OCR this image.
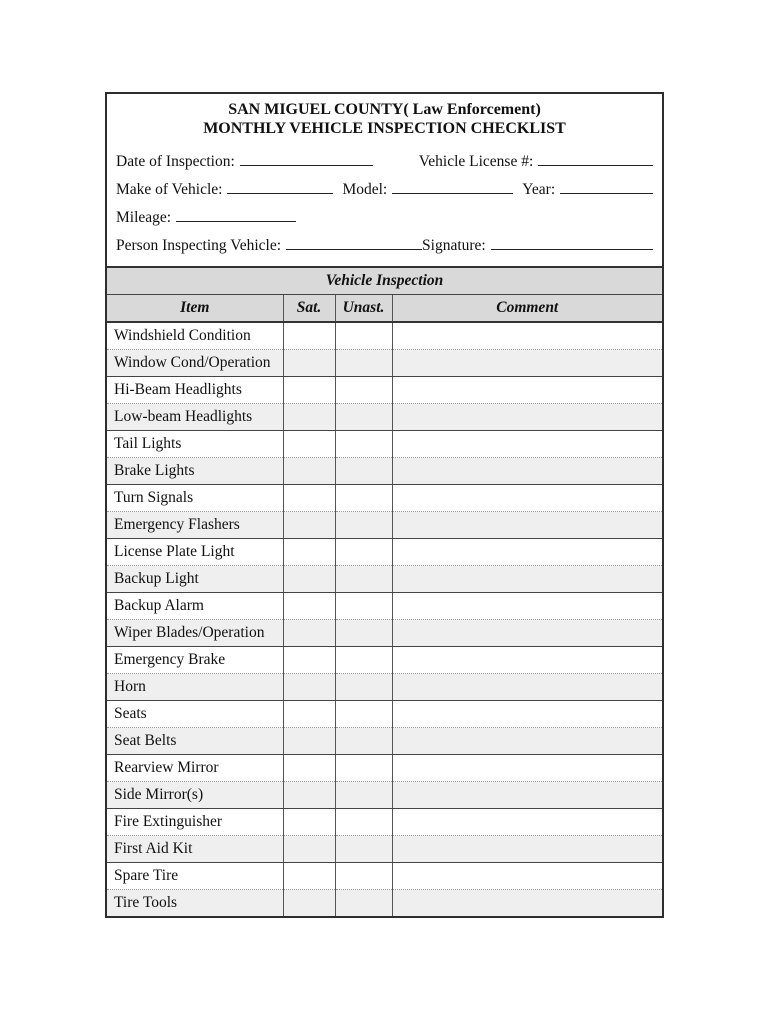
SAN MIGUEL COUNTY( Law Enforcement)
MONTHLY VEHICLE INSPECTION CHECKLIST
Date of Inspection:	Vehicle License #:
Make of Vehicle:	Model:	Year:
Mileage:
Person Inspecting Vehicle:	Signature:
Vehicle Inspection
Item	Sat.	Unast.	Comment
Windshield Condition			
Window Cond/Operation			
Hi-Beam Headlights			
Low-beam Headlights			
Tail Lights			
Brake Lights			
Turn Signals			
Emergency Flashers			
License Plate Light			
Backup Light			
Backup Alarm			
Wiper Blades/Operation			
Emergency Brake			
Horn			
Seats			
Seat Belts			
Rearview Mirror			
Side Mirror(s)			
Fire Extinguisher			
First Aid Kit			
Spare Tire			
Tire Tools			
